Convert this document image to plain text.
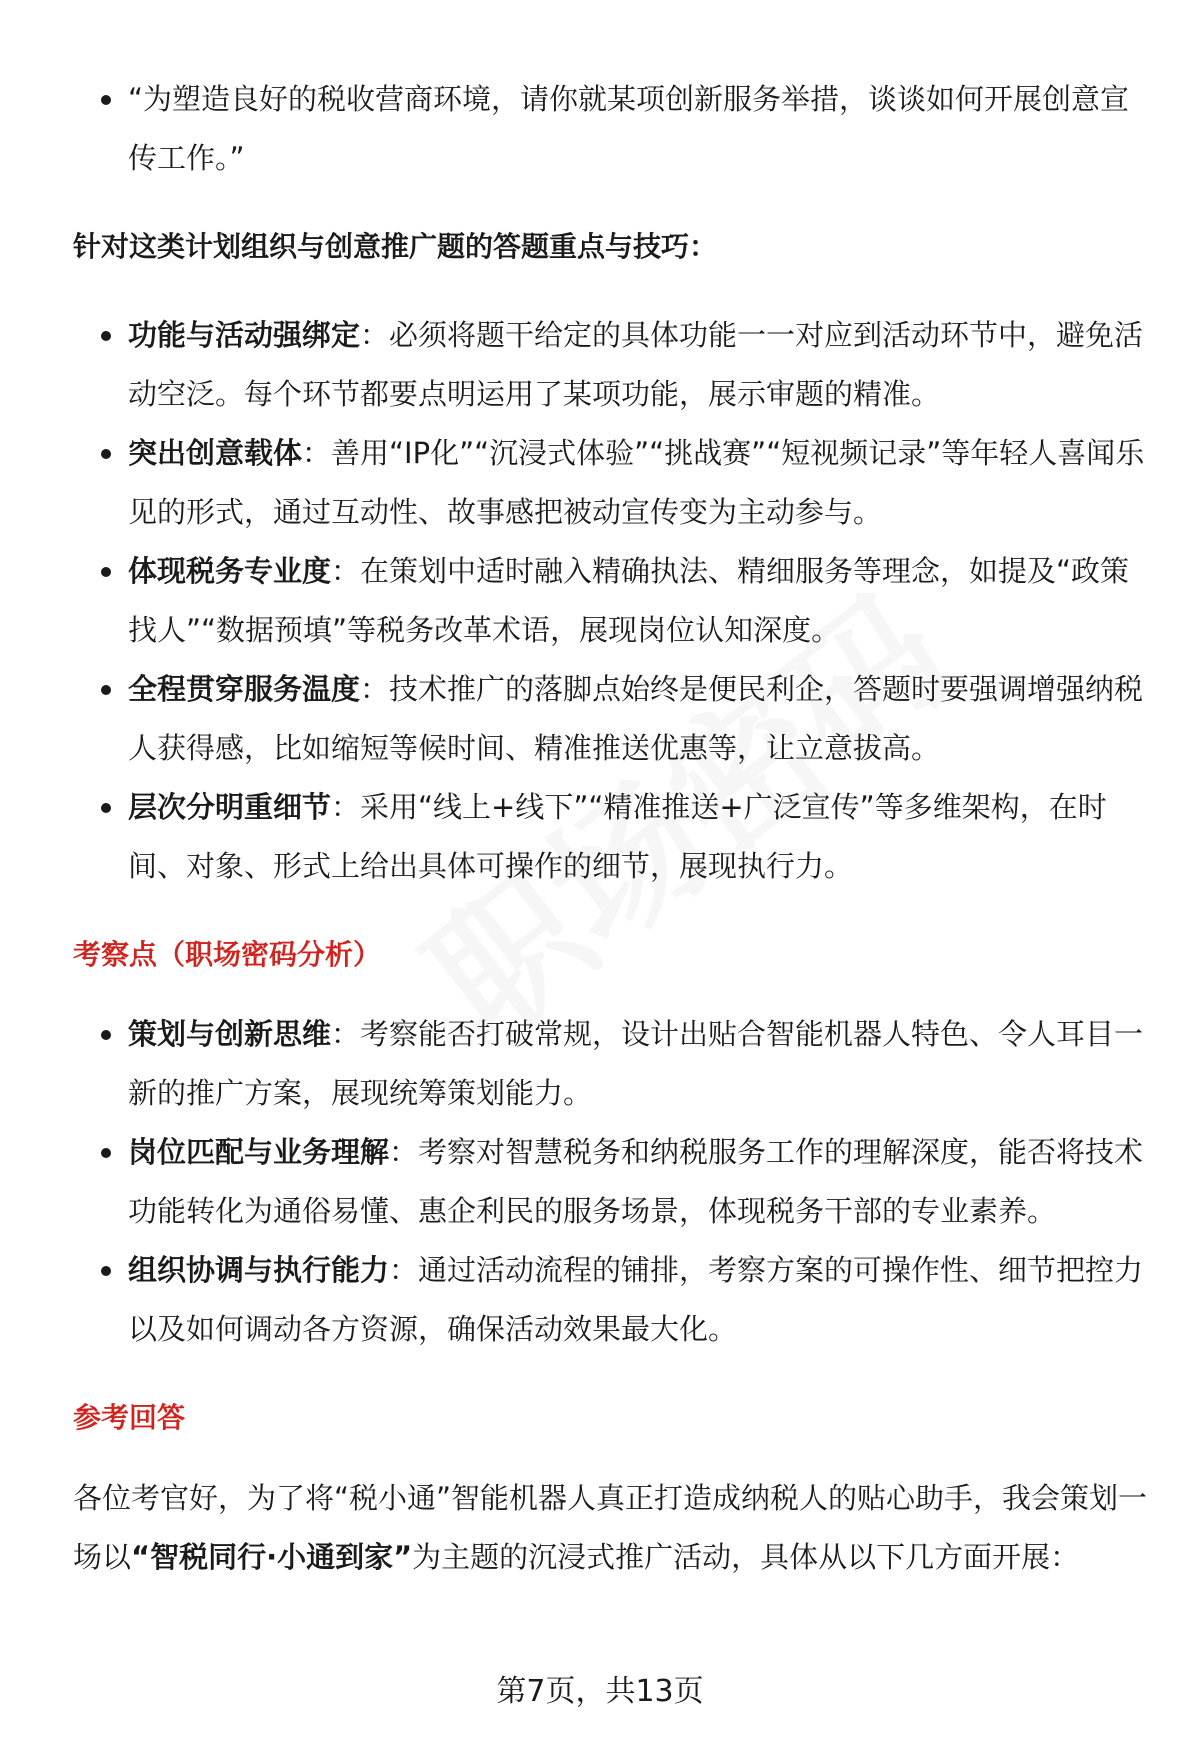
“为塑造良好的税收营商环境，请你就某项创新服务举措，谈谈如何开展创意宣传工作。”
针对这类计划组织与创意推广题的答题重点与技巧：
功能与活动强绑定：必须将题干给定的具体功能一一对应到活动环节中，避免活动空泛。每个环节都要点明运用了某项功能，展示审题的精准。
突出创意载体：善用“IP化”“沉浸式体验”“挑战赛”“短视频记录”等年轻人喜闻乐见的形式，通过互动性、故事感把被动宣传变为主动参与。
体现税务专业度：在策划中适时融入精确执法、精细服务等理念，如提及“政策找人”“数据预填”等税务改革术语，展现岗位认知深度。
全程贯穿服务温度：技术推广的落脚点始终是便民利企，答题时要强调增强纳税人获得感，比如缩短等候时间、精准推送优惠等，让立意拔高。
层次分明重细节：采用“线上+线下”“精准推送+广泛宣传”等多维架构，在时间、对象、形式上给出具体可操作的细节，展现执行力。
考察点（职场密码分析）
策划与创新思维：考察能否打破常规，设计出贴合智能机器人特色、令人耳目一新的推广方案，展现统筹策划能力。
岗位匹配与业务理解：考察对智慧税务和纳税服务工作的理解深度，能否将技术功能转化为通俗易懂、惠企利民的服务场景，体现税务干部的专业素养。
组织协调与执行能力：通过活动流程的铺排，考察方案的可操作性、细节把控力以及如何调动各方资源，确保活动效果最大化。
参考回答
各位考官好，为了将“税小通”智能机器人真正打造成纳税人的贴心助手，我会策划一场以“智税同行·小通到家”为主题的沉浸式推广活动，具体从以下几方面开展：
第7页，共13页
